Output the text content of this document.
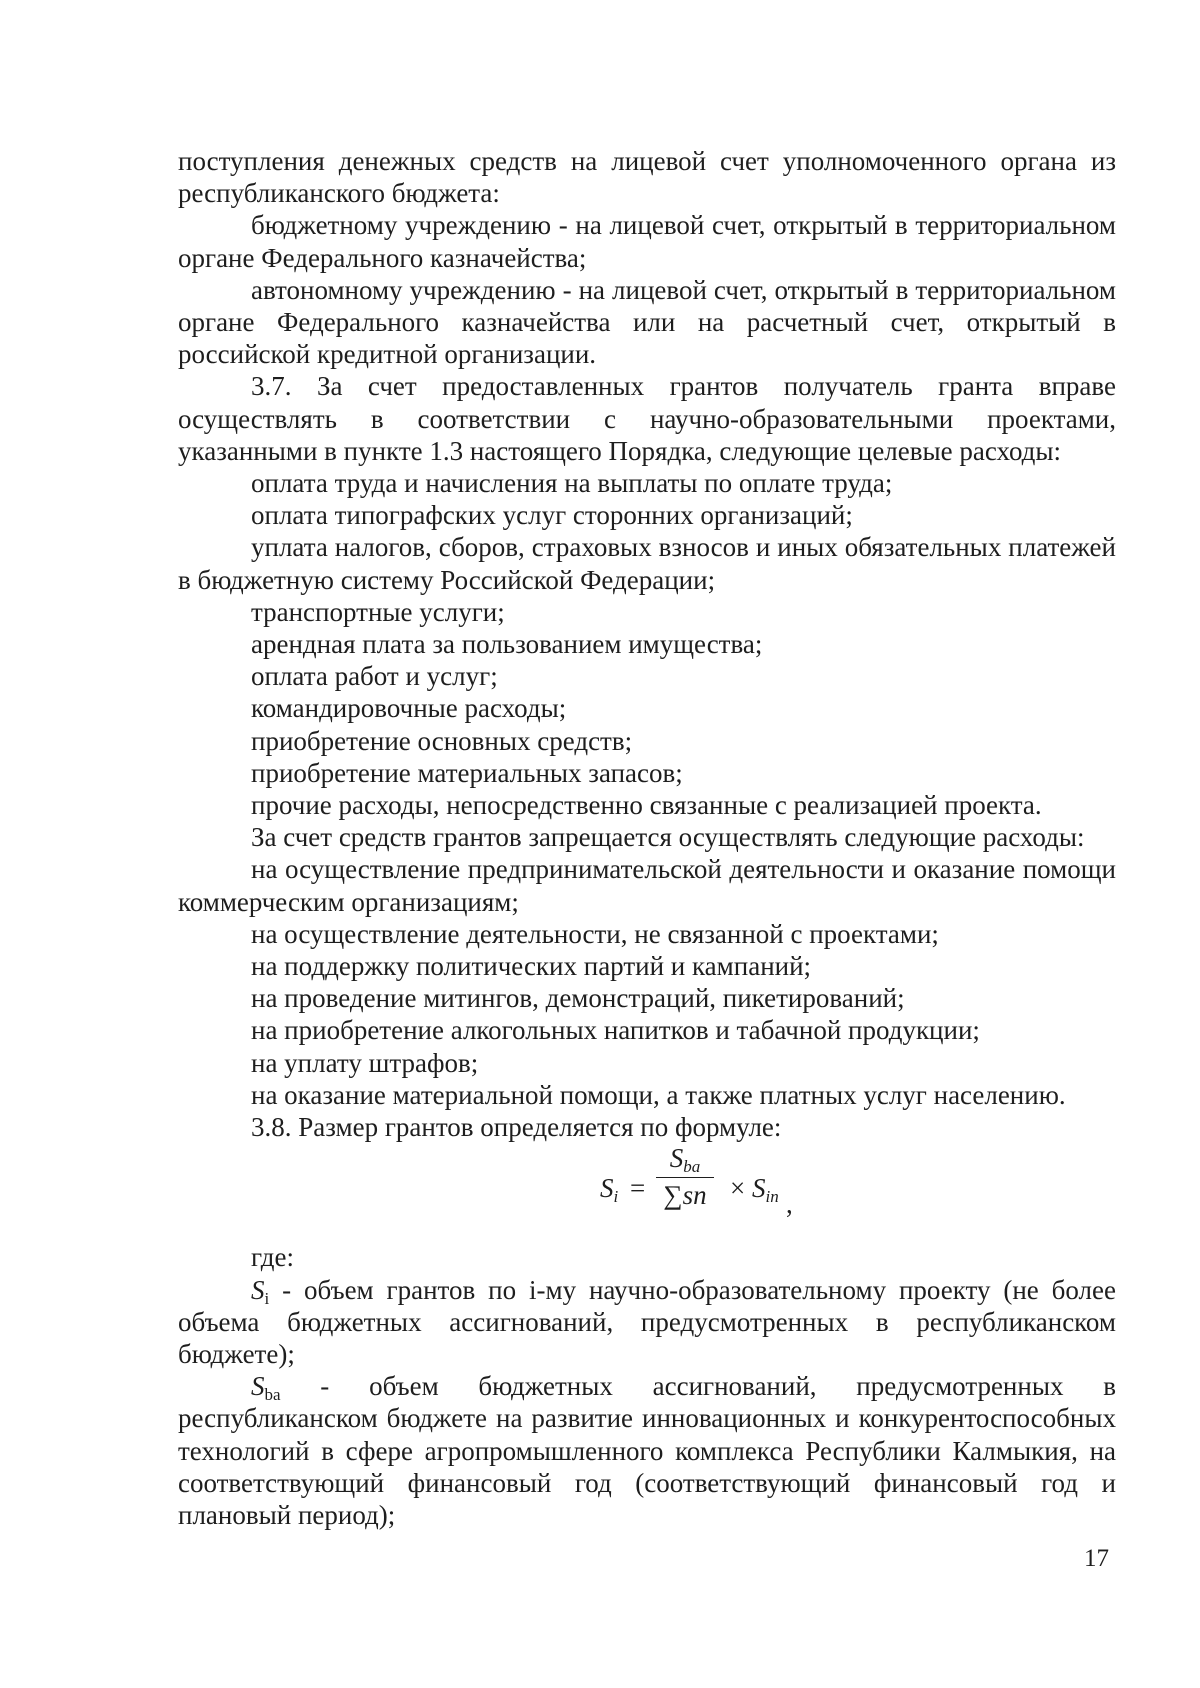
поступления денежных средств на лицевой счет уполномоченного органа из республиканского бюджета:

бюджетному учреждению - на лицевой счет, открытый в территориальном органе Федерального казначейства;

автономному учреждению - на лицевой счет, открытый в территориальном органе Федерального казначейства или на расчетный счет, открытый в российской кредитной организации.

3.7. За счет предоставленных грантов получатель гранта вправе осуществлять в соответствии с научно-образовательными проектами, указанными в пункте 1.3 настоящего Порядка, следующие целевые расходы:

оплата труда и начисления на выплаты по оплате труда;

оплата типографских услуг сторонних организаций;

уплата налогов, сборов, страховых взносов и иных обязательных платежей в бюджетную систему Российской Федерации;

транспортные услуги;

арендная плата за пользованием имущества;

оплата работ и услуг;

командировочные расходы;

приобретение основных средств;

приобретение материальных запасов;

прочие расходы, непосредственно связанные с реализацией проекта.

За счет средств грантов запрещается осуществлять следующие расходы:

на осуществление предпринимательской деятельности и оказание помощи коммерческим организациям;

на осуществление деятельности, не связанной с проектами;

на поддержку политических партий и кампаний;

на проведение митингов, демонстраций, пикетирований;

на приобретение алкогольных напитков и табачной продукции;

на уплату штрафов;

на оказание материальной помощи, а также платных услуг населению.

3.8. Размер грантов определяется по формуле:

$S_i$ =
$S_{ba}$
$\sum sn \times S_{in}$ ,

где:

$S_i$ - объем грантов по i-му научно-образовательному проекту (не более объема бюджетных ассигнований, предусмотренных в республиканском бюджете);

$S_{ba}$ - объем бюджетных ассигнований, предусмотренных в республиканском бюджете на развитие инновационных и конкурентоспособных технологий в сфере агропромышленного комплекса Республики Калмыкия, на соответствующий финансовый год (соответствующий финансовый год и плановый период);

17
